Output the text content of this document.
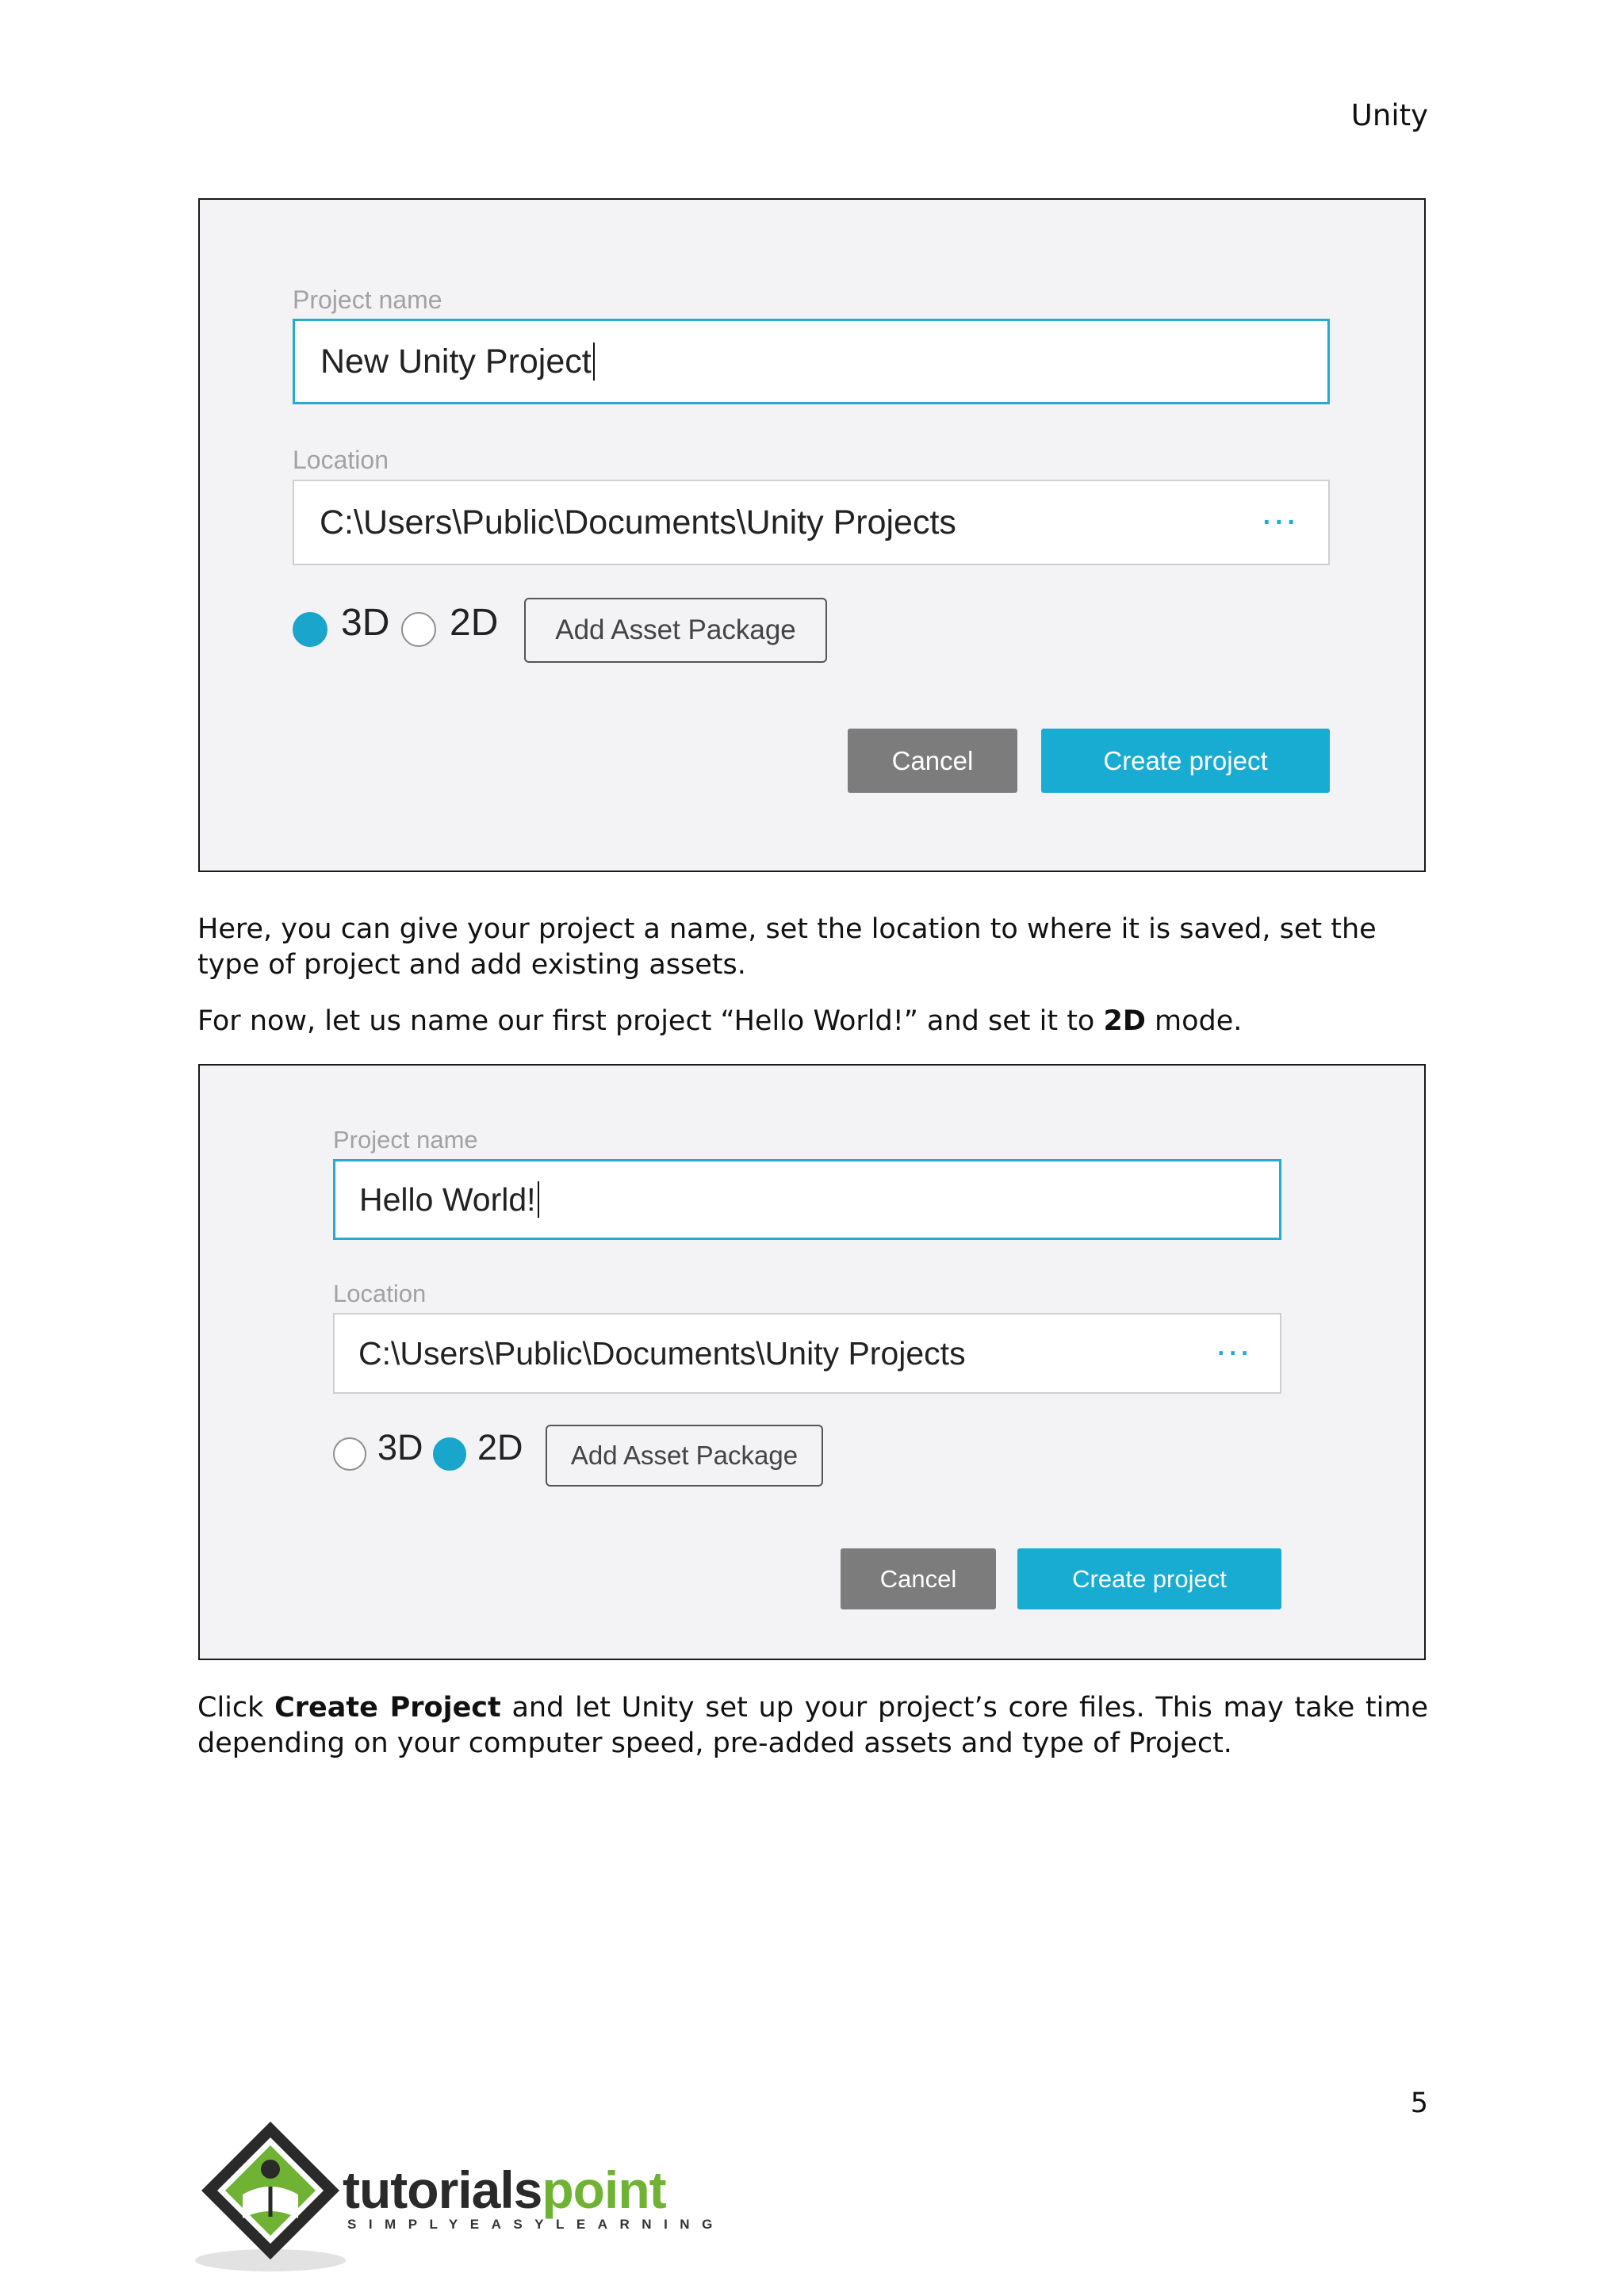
Unity
Project name
New Unity Project
Location
C:\Users\Public\Documents\Unity Projects	...
3D 2D	Add Asset Package
Cancel	Create project
Here, you can give your project a name, set the location to where it is saved, set the type of project and add existing assets.
For now, let us name our first project “Hello World!” and set it to 2D mode.
Project name
Hello World!
Location
C:\Users\Public\Documents\Unity Projects	...
3D 2D	Add Asset Package
Cancel	Create project
Click Create Project and let Unity set up your project’s core files. This may take time depending on your computer speed, pre-added assets and type of Project.
5
tutorialspoint
SIMPLYEASYLEARNING
